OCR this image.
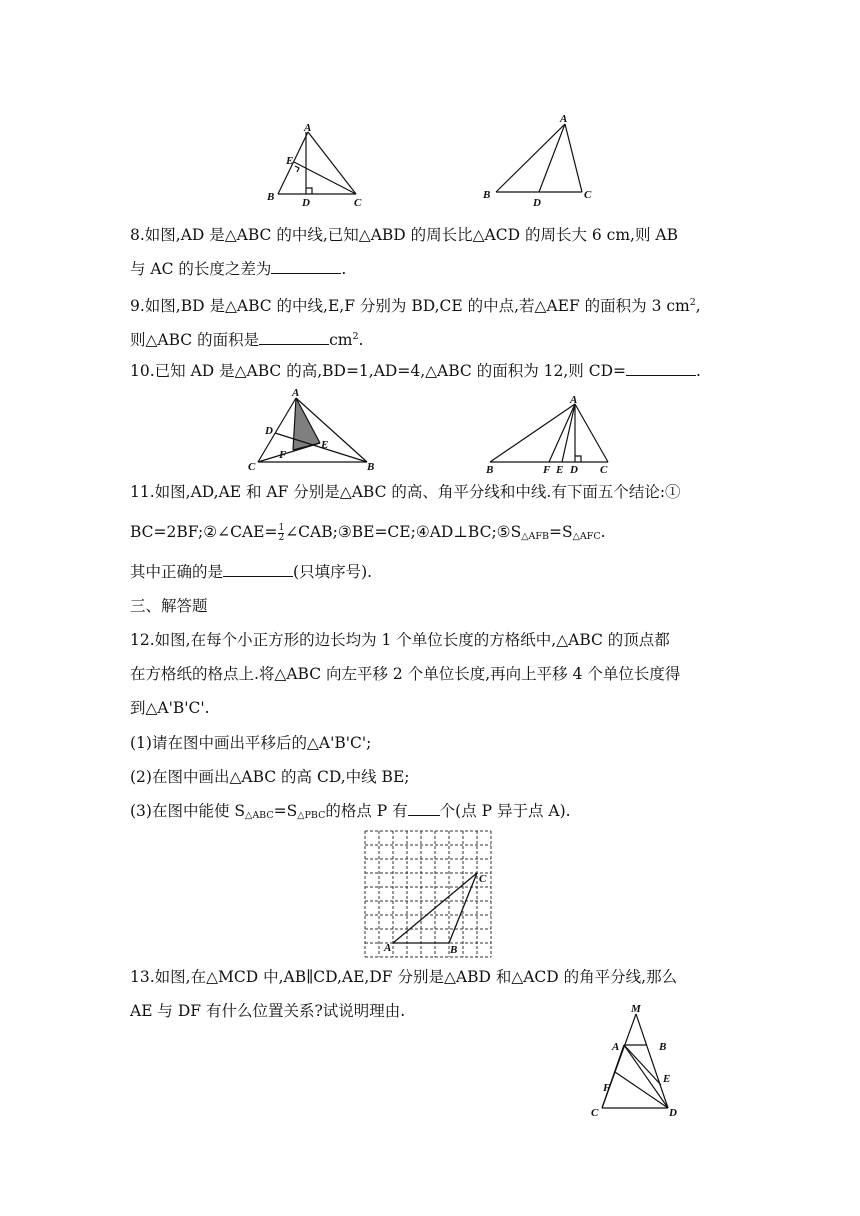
A
E
B	D	C
A
B
D
C
8.如图,AD 是△ABC 的中线,已知△ABD 的周长比△ACD 的周长大 6 cm,则 AB
与 AC 的长度之差为	.
9.如图,BD 是△ABC 的中线,E,F 分别为 BD,CE 的中点,若△AEF 的面积为 3 $cm^2$,
则△ABC 的面积是	$cm^2$.
10.已知 AD 是△ABC 的高,BD=1,AD=4,△ABC 的面积为 12,则 CD=	.
A
D
E
F
C	B
A
B	F E D C
11.如图,AD,AE 和 AF 分别是△ABC 的高、角平分线和中线.有下面五个结论:①
BC=2BF;②∠CAE= $\frac{1}{2}$ $\angle CAB;③BE=CE;④AD\perp BC;⑤S_{\triangle AFB}=S_{\triangle AFC}$.
其中正确的是	(只填序号).
三、解答题
12.如图,在每个小正方形的边长均为 1 个单位长度的方格纸中,△ABC 的顶点都
在方格纸的格点上.将△ABC 向左平移 2 个单位长度,再向上平移 4 个单位长度得
到△A'B'C'.
(1)请在图中画出平移后的△A'B'C';
(2)在图中画出△ABC 的高 CD,中线 BE;
(3)在图中能使 $S_{\triangle ABC}=S_{\triangle PBC}$的格点 P 有 个(点 P 异于点 A).
C
A	B
13.如图,在△MCD 中,AB∥CD,AE,DF 分别是△ABD 和△ACD 的角平分线,那么
AE 与 DF 有什么位置关系?试说明理由.	M
A	B
E
F
C	D
